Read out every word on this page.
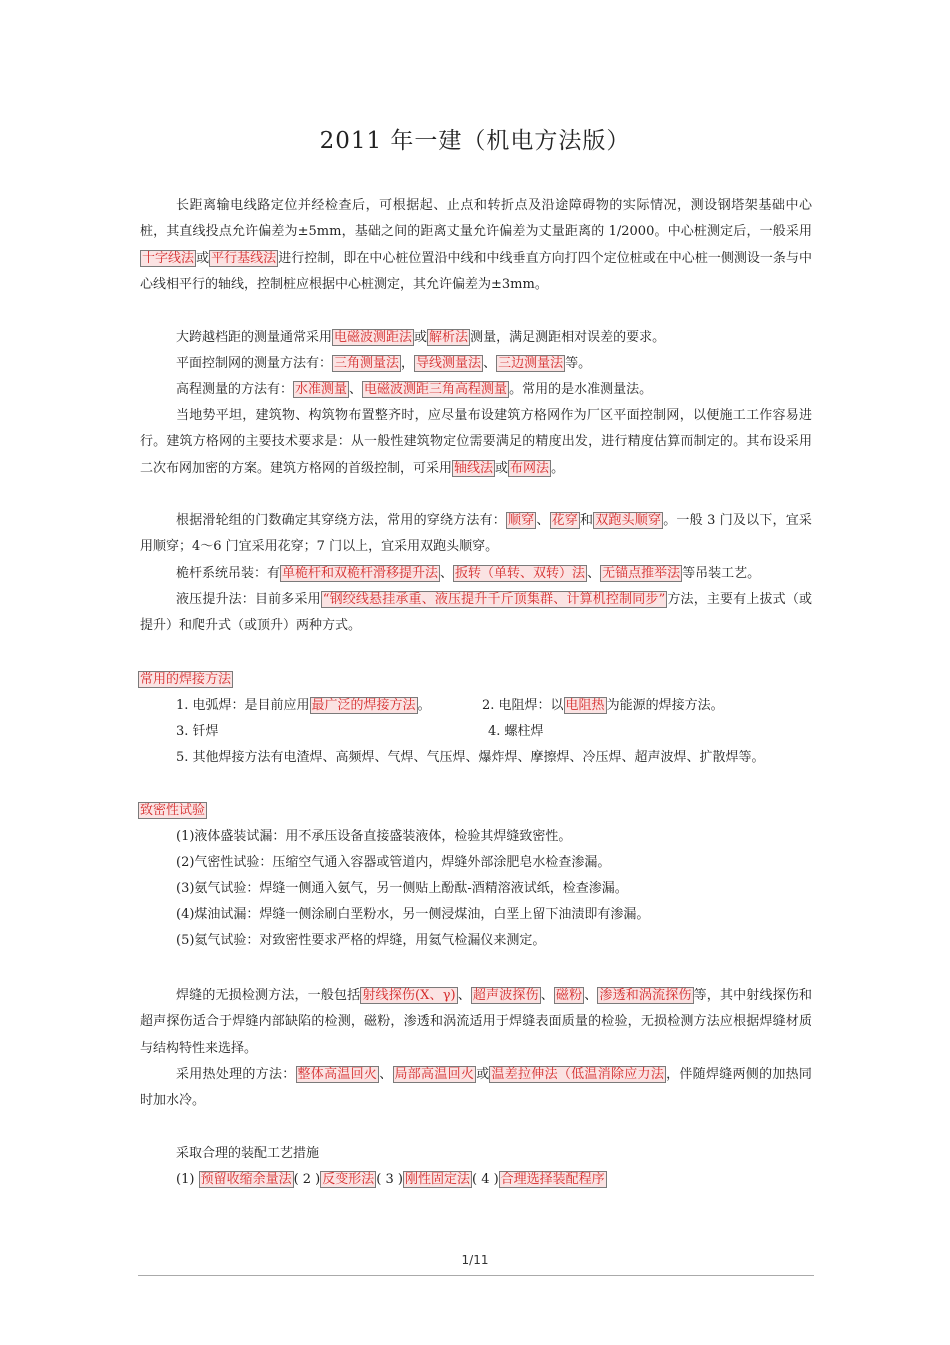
2011 年一建（机电方法版）

长距离输电线路定位并经检查后，可根据起、止点和转折点及沿途障碍物的实际情况，测设钢塔架基础中心桩，其直线投点允许偏差为±5mm，基础之间的距离丈量允许偏差为丈量距离的 1/2000。中心桩测定后，一般采用十字线法 或 平行基线法 进行控制，即在中心桩位置沿中线和中线垂直方向打四个定位桩或在中心桩一侧测设一条与中心线相平行的轴线，控制桩应根据中心桩测定，其允许偏差为±3mm。

大跨越档距的测量通常采用 电磁波测距法 或 解析法 测量，满足测距相对误差的要求。

平面控制网的测量方法有： 三角测量法 ， 导线测量法 、 三边测量法 等。

高程测量的方法有： 水准测量 、 电磁波测距三角高程测量 。常用的是水准测量法。

当地势平坦，建筑物、构筑物布置整齐时，应尽量布设建筑方格网作为厂区平面控制网，以便施工工作容易进行。建筑方格网的主要技术要求是：从一般性建筑物定位需要满足的精度出发，进行精度估算而制定的。其布设采用二次布网加密的方案。建筑方格网的首级控制，可采用 轴线法 或 布网法 。

根据滑轮组的门数确定其穿绕方法，常用的穿绕方法有： 顺穿 、 花穿 和 双跑头顺穿 。一般 3 门及以下，宜采用顺穿；4～6 门宜采用花穿；7 门以上，宜采用双跑头顺穿。

桅杆系统吊装：有 单桅杆和双桅杆滑移提升法 、 扳转（单转、双转）法 、 无锚点推举法 等吊装工艺。

液压提升法：目前多采用 “钢绞线悬挂承重、液压提升千斤顶集群、计算机控制同步” 方法，主要有上拔式（或提升）和爬升式（或顶升）两种方式。

常用的焊接方法
1. 电弧焊：是目前应用 最广泛的焊接方法 。	2. 电阻焊：以 电阻热 为能源的焊接方法。
3. 钎焊	4. 螺柱焊
5. 其他焊接方法有电渣焊、高频焊、气焊、气压焊、爆炸焊、摩擦焊、冷压焊、超声波焊、扩散焊等。
致密性试验
(1)液体盛装试漏：用不承压设备直接盛装液体，检验其焊缝致密性。
(2)气密性试验：压缩空气通入容器或管道内，焊缝外部涂肥皂水检查渗漏。
(3)氨气试验：焊缝一侧通入氨气，另一侧贴上酚酞-酒精溶液试纸，检查渗漏。
(4)煤油试漏：焊缝一侧涂刷白垩粉水，另一侧浸煤油，白垩上留下油渍即有渗漏。
(5)氦气试验：对致密性要求严格的焊缝，用氦气检漏仪来测定。

焊缝的无损检测方法，一般包括 射线探伤(X、γ) 、 超声波探伤 、 磁粉 、 渗透和涡流探伤 等，其中射线探伤和超声探伤适合于焊缝内部缺陷的检测，磁粉，渗透和涡流适用于焊缝表面质量的检验，无损检测方法应根据焊缝材质与结构特性来选择。

采用热处理的方法： 整体高温回火 、 局部高温回火 或 温差拉伸法（低温消除应力法 ，伴随焊缝两侧的加热同时加水冷。

采取合理的装配工艺措施
(1) 预留收缩余量法 ( 2 ) 反变形法 ( 3 ) 刚性固定法 ( 4 ) 合理选择装配程序
1/11
